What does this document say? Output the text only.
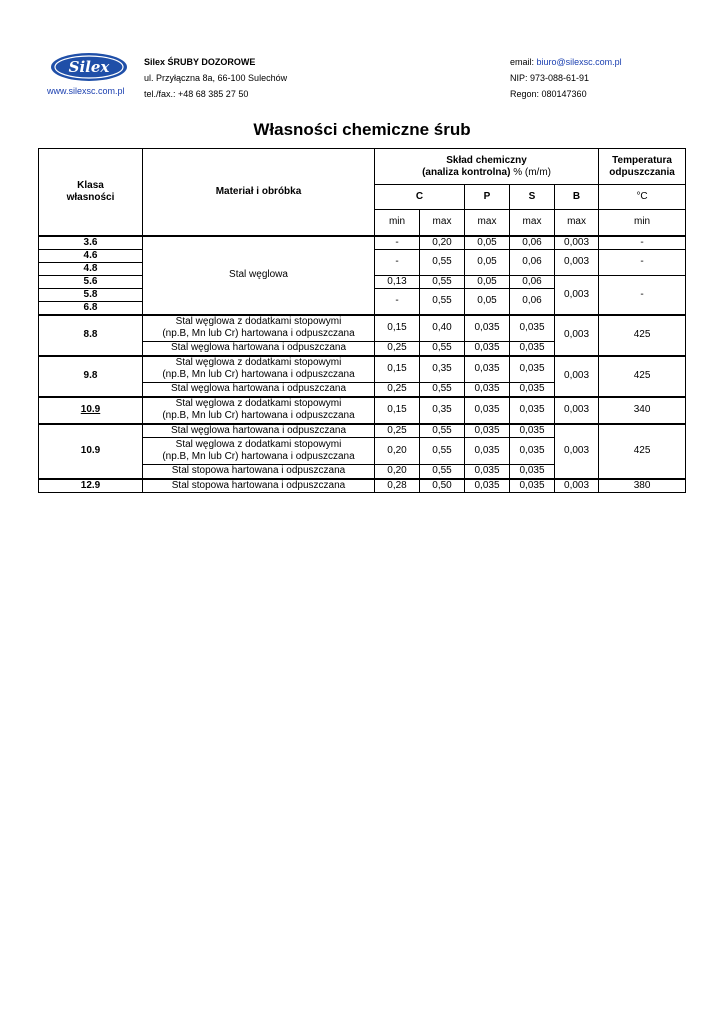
Silex
www.silexsc.com.pl
Silex ŚRUBY DOZOROWE
ul. Przyłączna 8a, 66-100 Sulechów
tel./fax.: +48 68 385 27 50
email: biuro@silexsc.com.pl
NIP: 973-088-61-91
Regon: 080147360
Własności chemiczne śrub
Klasa
własności	Materiał i obróbka	Skład chemiczny
(analiza kontrolna) % (m/m)					Temperatura
odpuszczania
		C		P	S	B	°C
		min	max	max	max	max	min
3.6	Stal węglowa	-	0,20	0,05	0,06	0,003	-
4.6		-	0,55	0,05	0,06	0,003	-
4.8							
5.6		0,13	0,55	0,05	0,06	0,003	-
5.8		-	0,55	0,05	0,06		
6.8							
8.8	Stal węglowa z dodatkami stopowymi
(np.B, Mn lub Cr) hartowana i odpuszczana	0,15	0,40	0,035	0,035	0,003	425
	Stal węglowa hartowana i odpuszczana	0,25	0,55	0,035	0,035		
9.8	Stal węglowa z dodatkami stopowymi
(np.B, Mn lub Cr) hartowana i odpuszczana	0,15	0,35	0,035	0,035	0,003	425
	Stal węglowa hartowana i odpuszczana	0,25	0,55	0,035	0,035		
10.9	Stal węglowa z dodatkami stopowymi
(np.B, Mn lub Cr) hartowana i odpuszczana	0,15	0,35	0,035	0,035	0,003	340
10.9	Stal węglowa hartowana i odpuszczana	0,25	0,55	0,035	0,035	0,003	425
	Stal węglowa z dodatkami stopowymi
(np.B, Mn lub Cr) hartowana i odpuszczana	0,20	0,55	0,035	0,035		
	Stal stopowa hartowana i odpuszczana	0,20	0,55	0,035	0,035		
12.9	Stal stopowa hartowana i odpuszczana	0,28	0,50	0,035	0,035	0,003	380
